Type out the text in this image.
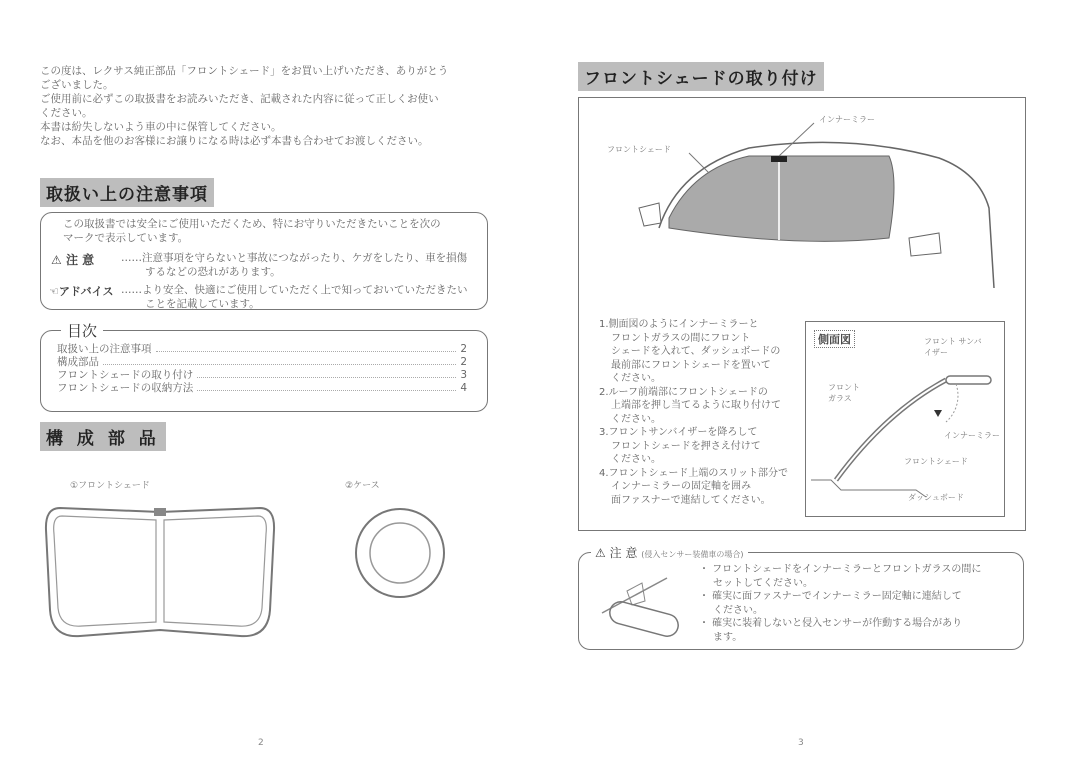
この度は、レクサス純正部品「フロントシェード」をお買い上げいただき、ありがとう
ございました。
ご使用前に必ずこの取扱書をお読みいただき、記載された内容に従って正しくお使い
ください。
本書は紛失しないよう車の中に保管してください。
なお、本品を他のお客様にお譲りになる時は必ず本書も合わせてお渡しください。
取扱い上の注意事項
この取扱書では安全にご使用いただくため、特にお守りいただきたいことを次の
マークで表示しています。
⚠ 注 意	……注意事項を守らないと事故につながったり、ケガをしたり、車を損傷
するなどの恐れがあります。
☜アドバイス ……より安全、快適にご使用していただく上で知っておいていただきたい
ことを記載しています。
目次
取扱い上の注意事項	2
構成部品	2
フロントシェードの取り付け	3
フロントシェードの収納方法	4
構 成 部 品
①フロントシェード	②ケース
2
フロントシェードの取り付け
インナーミラー
フロントシェード
1.側面図のようにインナーミラーと
フロントガラスの間にフロント
シェードを入れて、ダッシュボードの
最前部にフロントシェードを置いて
ください。
2.ルーフ前端部にフロントシェードの
上端部を押し当てるように取り付けて
ください。
3.フロントサンバイザーを降ろして
フロントシェードを押さえ付けて
ください。
4.フロントシェード上端のスリット部分で
インナーミラーの固定軸を囲み
面ファスナーで連結してください。
側面図	フロント サンバイザー
フロント ガラス
インナーミラー
フロントシェード
ダッシュボード
⚠ 注 意 (侵入センサー装備車の場合)
・ フロントシェードをインナーミラーとフロントガラスの間に
セットしてください。
・ 確実に面ファスナーでインナーミラー固定軸に連結して
ください。
・ 確実に装着しないと侵入センサーが作動する場合があり
ます。
3
